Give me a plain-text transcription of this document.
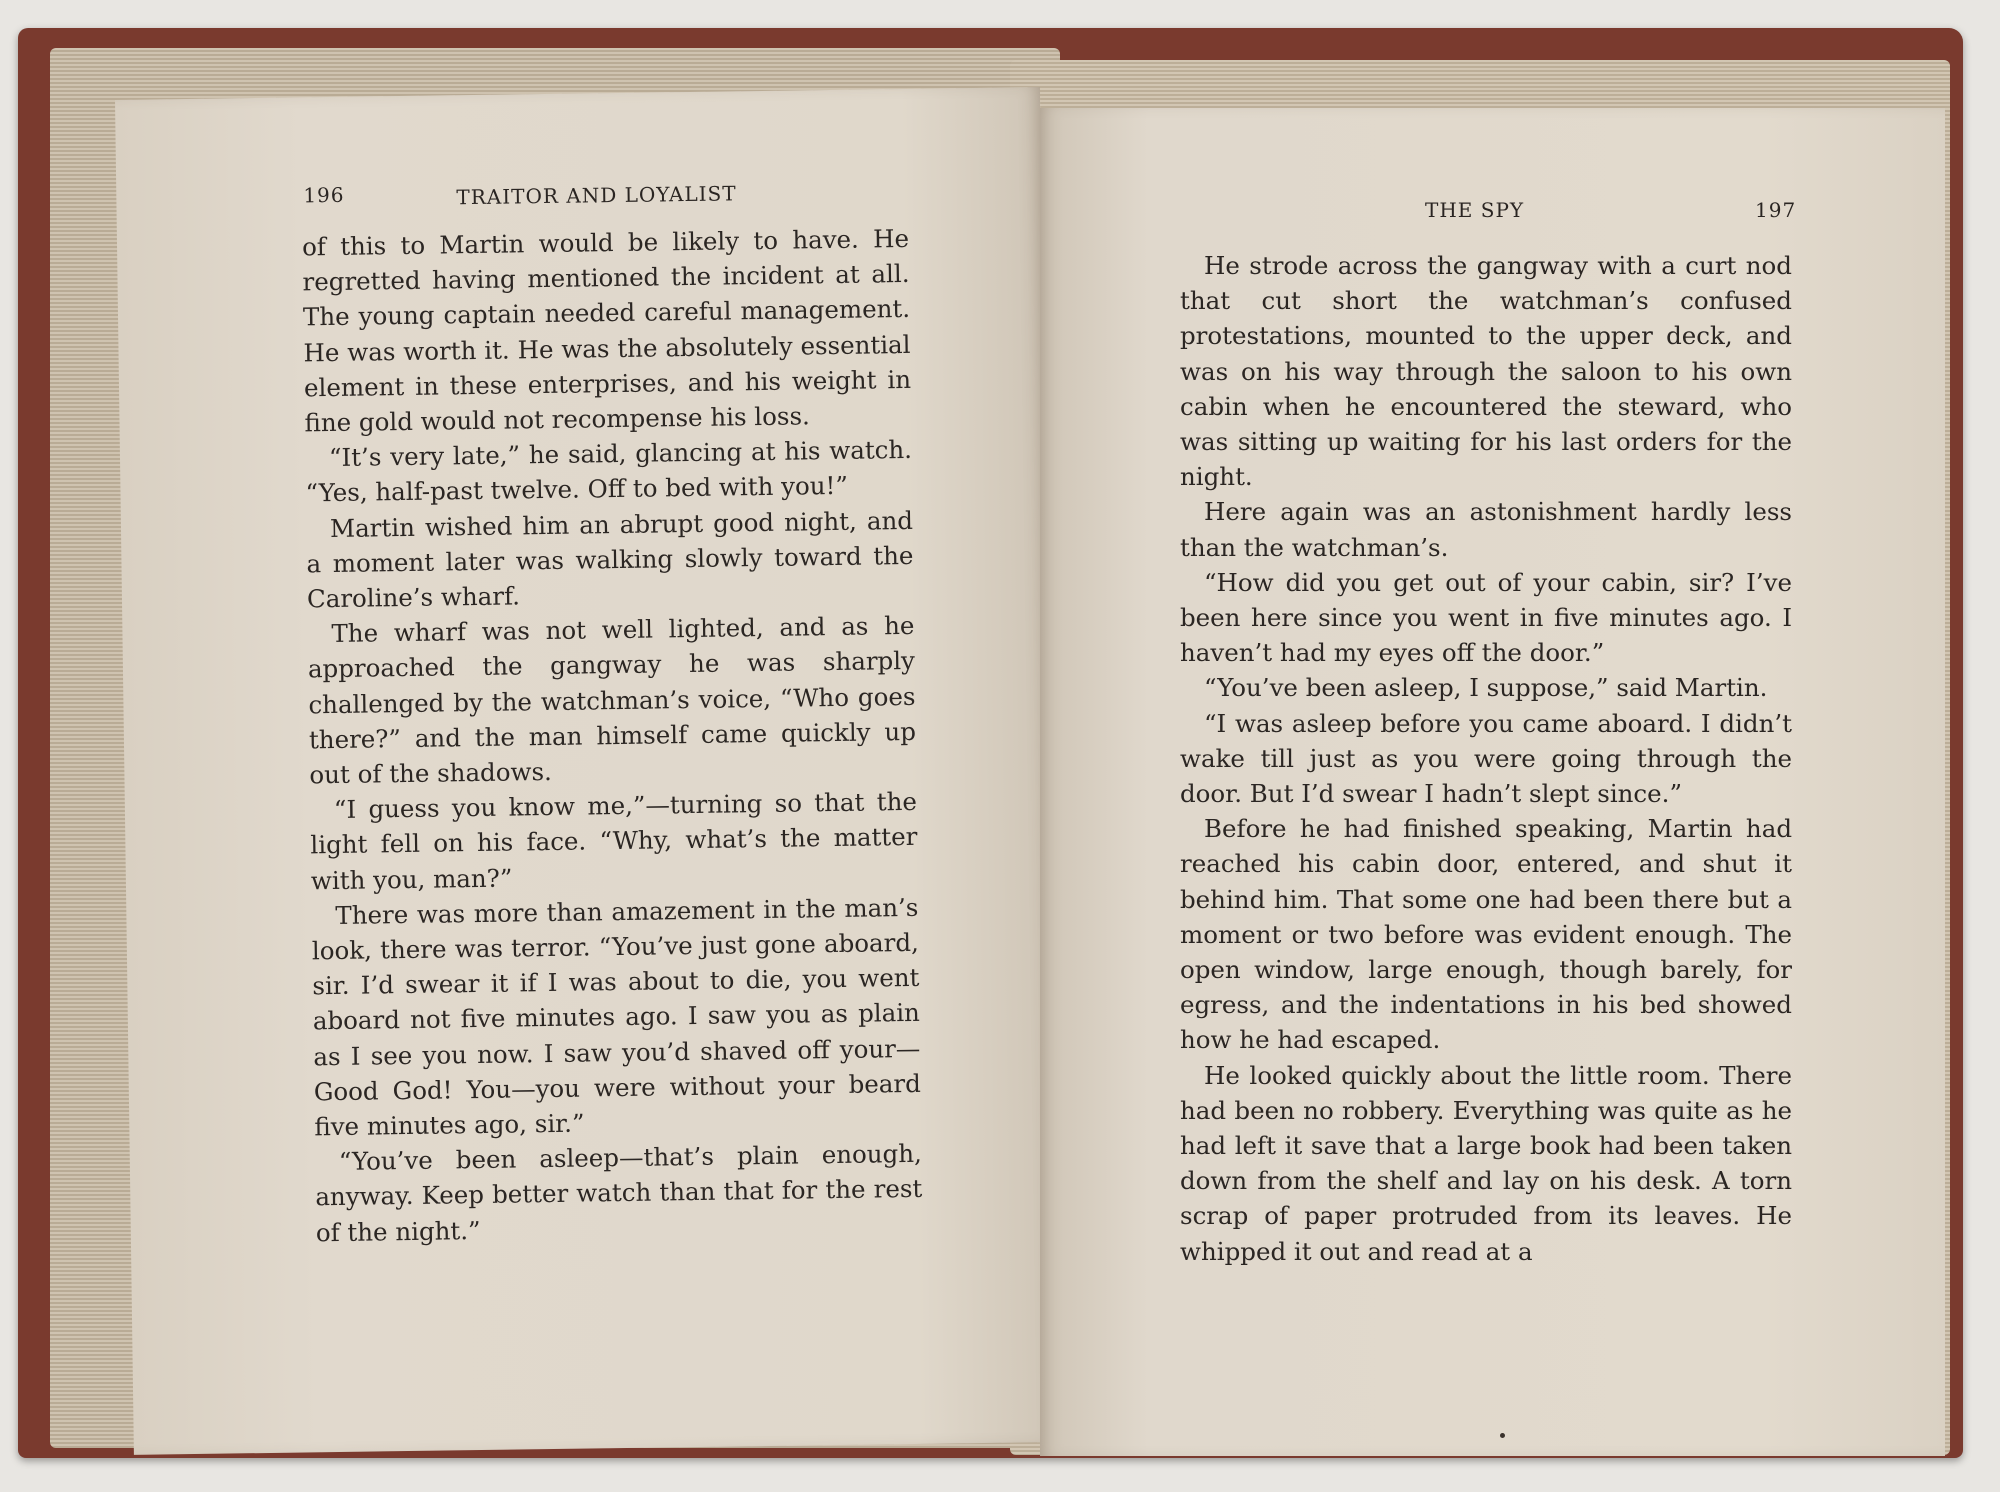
196	TRAITOR AND LOYALIST

of this to Martin would be likely to have. He regretted having mentioned the incident at all. The young captain needed careful management. He was worth it. He was the absolutely essential element in these enterprises, and his weight in fine gold would not recompense his loss.

“It’s very late,” he said, glancing at his watch. “Yes, half-past twelve. Off to bed with you!”

Martin wished him an abrupt good night, and a moment later was walking slowly toward the Caroline’s wharf.

The wharf was not well lighted, and as he approached the gangway he was sharply challenged by the watchman’s voice, “Who goes there?” and the man himself came quickly up out of the shadows.

“I guess you know me,”—turning so that the light fell on his face. “Why, what’s the matter with you, man?”

There was more than amazement in the man’s look, there was terror. “You’ve just gone aboard, sir. I’d swear it if I was about to die, you went aboard not five minutes ago. I saw you as plain as I see you now. I saw you’d shaved off your— Good God! You—you were without your beard five minutes ago, sir.”

“You’ve been asleep—that’s plain enough, anyway. Keep better watch than that for the rest of the night.”

THE SPY	197

He strode across the gangway with a curt nod that cut short the watchman’s confused protestations, mounted to the upper deck, and was on his way through the saloon to his own cabin when he encountered the steward, who was sitting up waiting for his last orders for the night.

Here again was an astonishment hardly less than the watchman’s.

“How did you get out of your cabin, sir? I’ve been here since you went in five minutes ago. I haven’t had my eyes off the door.”

“You’ve been asleep, I suppose,” said Martin.

“I was asleep before you came aboard. I didn’t wake till just as you were going through the door. But I’d swear I hadn’t slept since.”

Before he had finished speaking, Martin had reached his cabin door, entered, and shut it behind him. That some one had been there but a moment or two before was evident enough. The open window, large enough, though barely, for egress, and the indentations in his bed showed how he had escaped.

He looked quickly about the little room. There had been no robbery. Everything was quite as he had left it save that a large book had been taken down from the shelf and lay on his desk. A torn scrap of paper protruded from its leaves. He whipped it out and read at a
